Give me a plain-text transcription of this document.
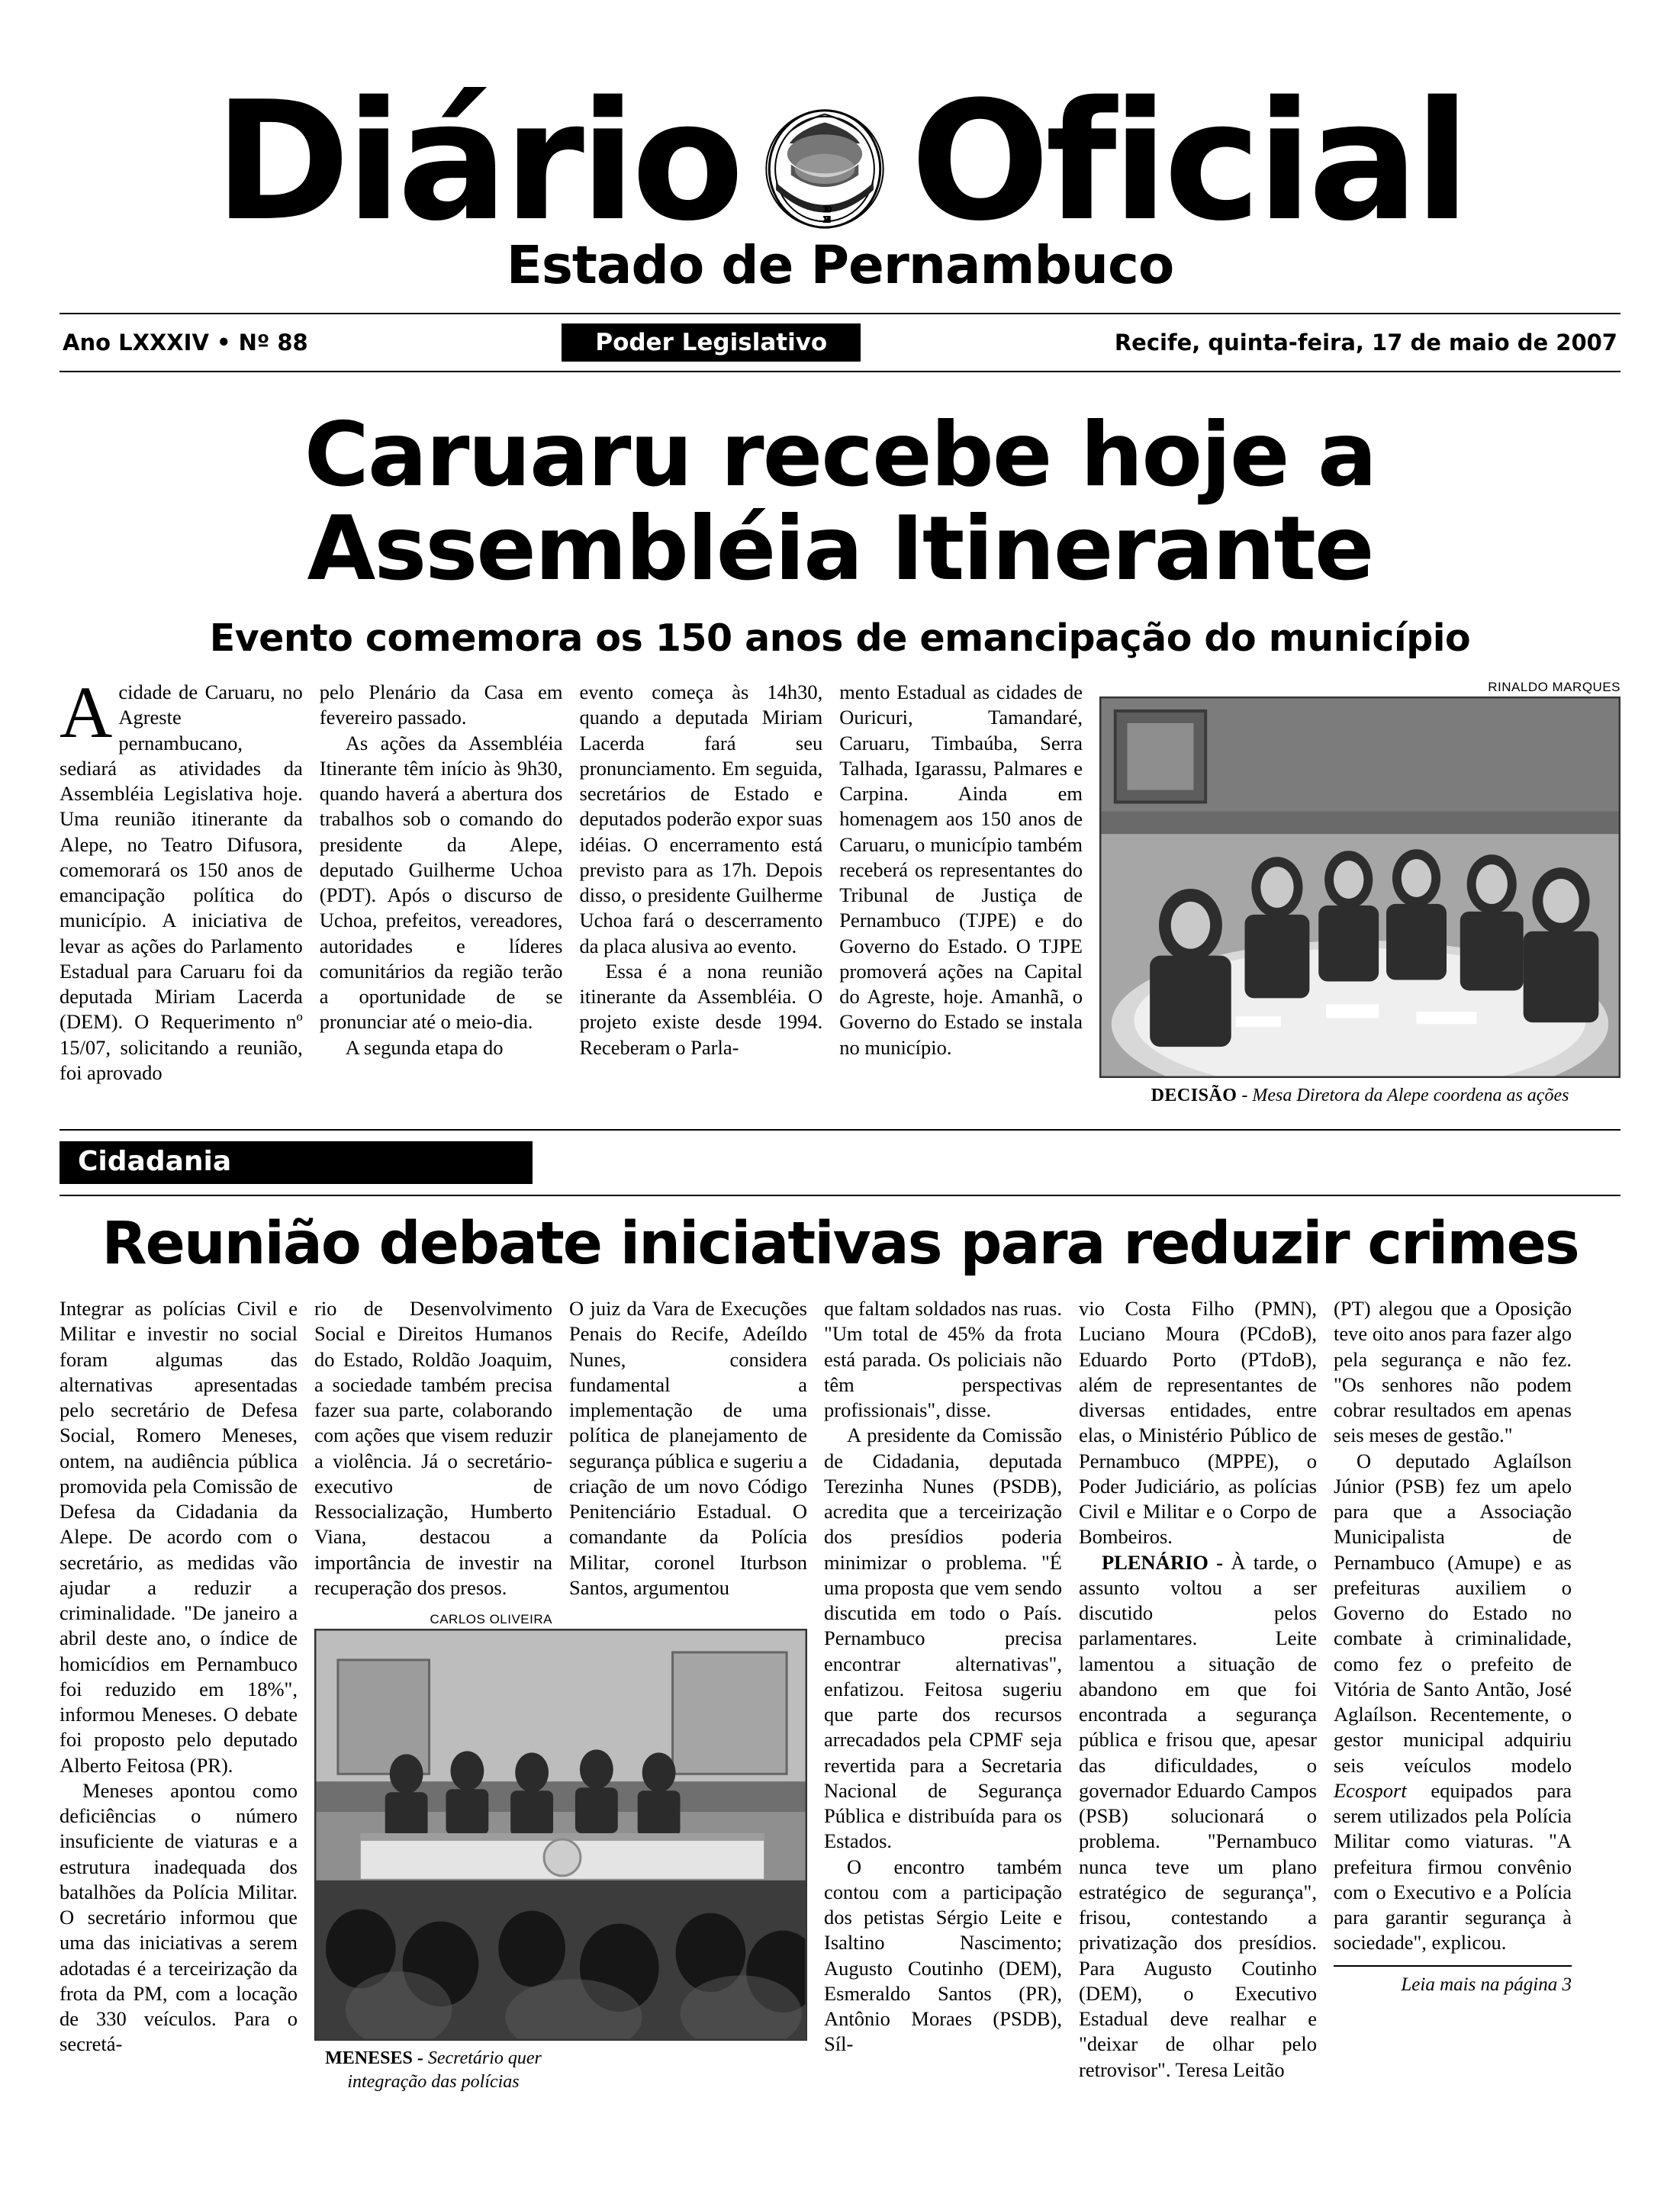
Diário	1 7 1 0
1 8 2 4 Oficial
Estado de Pernambuco
Ano LXXXIV • Nº 88	Poder Legislativo	Recife, quinta-feira, 17 de maio de 2007
Caruaru recebe hoje a
Assembléia Itinerante
Evento comemora os 150 anos de emancipação do município
A cidade de Caruaru, no Agreste pernambucano, sediará as atividades da Assembléia Legislativa hoje. Uma reunião itinerante da Alepe, no Teatro Difusora, comemorará os 150 anos de emancipação política do município. A iniciativa de levar as ações do Parlamento Estadual para Caruaru foi da deputada Miriam Lacerda (DEM). O Requerimento nº 15/07, solicitando a reunião, foi aprovado

pelo Plenário da Casa em fevereiro passado.

As ações da Assembléia Itinerante têm início às 9h30, quando haverá a abertura dos trabalhos sob o comando do presidente da Alepe, deputado Guilherme Uchoa (PDT). Após o discurso de Uchoa, prefeitos, vereadores, autoridades e líderes comunitários da região terão a oportunidade de se pronunciar até o meio-dia.

A segunda etapa do

evento começa às 14h30, quando a deputada Miriam Lacerda fará seu pronunciamento. Em seguida, secretários de Estado e deputados poderão expor suas idéias. O encerramento está previsto para as 17h. Depois disso, o presidente Guilherme Uchoa fará o descerramento da placa alusiva ao evento.

Essa é a nona reunião itinerante da Assembléia. O projeto existe desde 1994. Receberam o Parla-

mento Estadual as cidades de Ouricuri, Tamandaré, Caruaru, Timbaúba, Serra Talhada, Igarassu, Palmares e Carpina. Ainda em homenagem aos 150 anos de Caruaru, o município também receberá os representantes do Tribunal de Justiça de Pernambuco (TJPE) e do Governo do Estado. O TJPE promoverá ações na Capital do Agreste, hoje. Amanhã, o Governo do Estado se instala no município.

RINALDO MARQUES
DECISÃO - Mesa Diretora da Alepe coordena as ações
Cidadania
Reunião debate iniciativas para reduzir crimes

Integrar as polícias Civil e Militar e investir no social foram algumas das alternativas apresentadas pelo secretário de Defesa Social, Romero Meneses, ontem, na audiência pública promovida pela Comissão de Defesa da Cidadania da Alepe. De acordo com o secretário, as medidas vão ajudar a reduzir a criminalidade. "De janeiro a abril deste ano, o índice de homicídios em Pernambuco foi reduzido em 18%", informou Meneses. O debate foi proposto pelo deputado Alberto Feitosa (PR).

Meneses apontou como deficiências o número insuficiente de viaturas e a estrutura inadequada dos batalhões da Polícia Militar. O secretário informou que uma das iniciativas a serem adotadas é a terceirização da frota da PM, com a locação de 330 veículos. Para o secretá-

rio de Desenvolvimento Social e Direitos Humanos do Estado, Roldão Joaquim, a sociedade também precisa fazer sua parte, colaborando com ações que visem reduzir a violência. Já o secretário-executivo de Ressocialização, Humberto Viana, destacou a importância de investir na recuperação dos presos.

CARLOS OLIVEIRA
MENESES - Secretário quer integração das polícias

O juiz da Vara de Execuções Penais do Recife, Adeíldo Nunes, considera fundamental a implementação de uma política de planejamento de segurança pública e sugeriu a criação de um novo Código Penitenciário Estadual. O comandante da Polícia Militar, coronel Iturbson Santos, argumentou

que faltam soldados nas ruas. "Um total de 45% da frota está parada. Os policiais não têm perspectivas profissionais", disse.

A presidente da Comissão de Cidadania, deputada Terezinha Nunes (PSDB), acredita que a terceirização dos presídios poderia minimizar o problema. "É uma proposta que vem sendo discutida em todo o País. Pernambuco precisa encontrar alternativas", enfatizou. Feitosa sugeriu que parte dos recursos arrecadados pela CPMF seja revertida para a Secretaria Nacional de Segurança Pública e distribuída para os Estados.

O encontro também contou com a participação dos petistas Sérgio Leite e Isaltino Nascimento; Augusto Coutinho (DEM), Esmeraldo Santos (PR), Antônio Moraes (PSDB), Síl-

vio Costa Filho (PMN), Luciano Moura (PCdoB), Eduardo Porto (PTdoB), além de representantes de diversas entidades, entre elas, o Ministério Público de Pernambuco (MPPE), o Poder Judiciário, as polícias Civil e Militar e o Corpo de Bombeiros.

PLENÁRIO - À tarde, o assunto voltou a ser discutido pelos parlamentares. Leite lamentou a situação de abandono em que foi encontrada a segurança pública e frisou que, apesar das dificuldades, o governador Eduardo Campos (PSB) solucionará o problema. "Pernambuco nunca teve um plano estratégico de segurança", frisou, contestando a privatização dos presídios. Para Augusto Coutinho (DEM), o Executivo Estadual deve realhar e "deixar de olhar pelo retrovisor". Teresa Leitão

(PT) alegou que a Oposição teve oito anos para fazer algo pela segurança e não fez. "Os senhores não podem cobrar resultados em apenas seis meses de gestão."

O deputado Aglaílson Júnior (PSB) fez um apelo para que a Associação Municipalista de Pernambuco (Amupe) e as prefeituras auxiliem o Governo do Estado no combate à criminalidade, como fez o prefeito de Vitória de Santo Antão, José Aglaílson. Recentemente, o gestor municipal adquiriu seis veículos modelo Ecosport equipados para serem utilizados pela Polícia Militar como viaturas. "A prefeitura firmou convênio com o Executivo e a Polícia para garantir segurança à sociedade", explicou.

Leia mais na página 3
